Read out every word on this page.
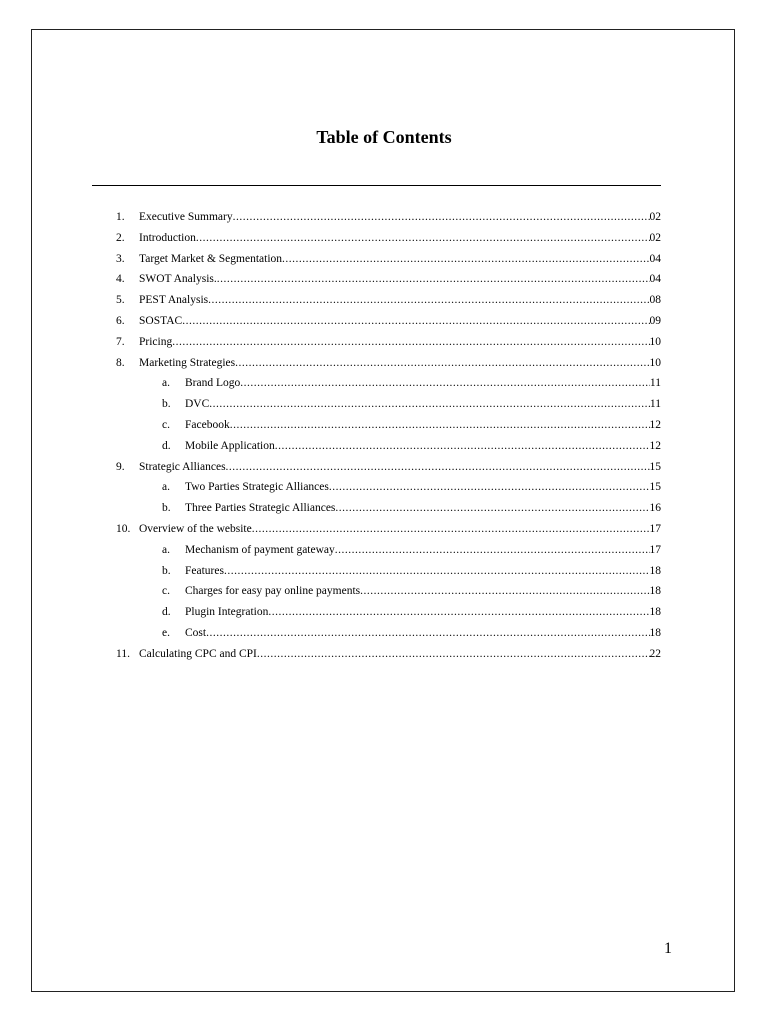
Table of Contents
1. Executive Summary .....	02
2. Introduction .....	02
3. Target Market & Segmentation .....	04
4. SWOT Analysis. .....	04
5. PEST Analysis .....	08
6. SOSTAC .....	09
7. Pricing .....	10
8. Marketing Strategies .....	10
a. Brand Logo .....	11
b. DVC .....	11
c. Facebook .....	12
d. Mobile Application .....	12
9. Strategic Alliances .....	15
a. Two Parties Strategic Alliances .....	15
b. Three Parties Strategic Alliances .....	16
10. Overview of the website .....	17
a. Mechanism of payment gateway .....	17
b. Features .....	18
c. Charges for easy pay online payments .....	18
d. Plugin Integration .....	18
e. Cost .....	18
11. Calculating CPC and CPI .....	22
1
